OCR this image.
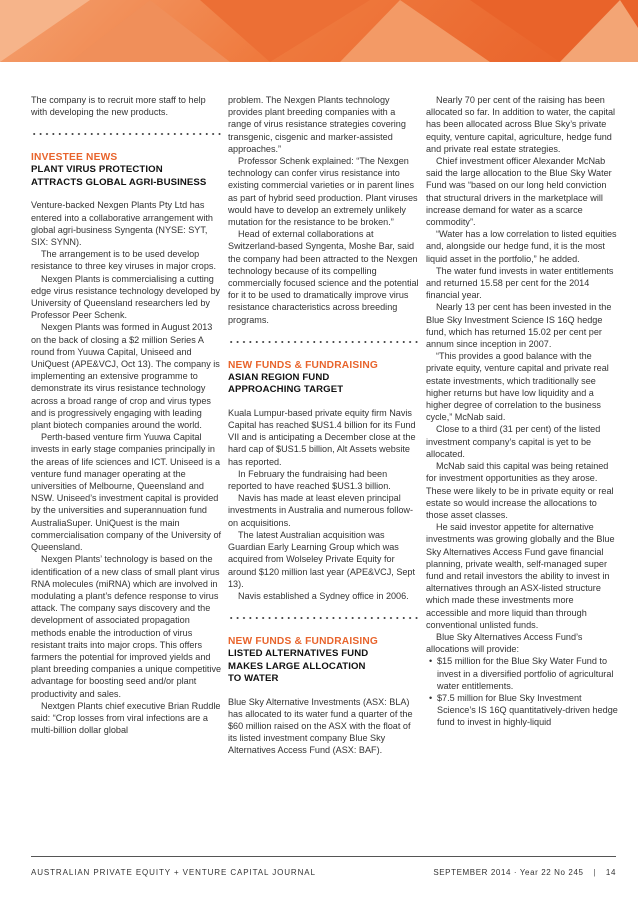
The company is to recruit more staff to help with developing the new products.

INVESTEE NEWS
PLANT VIRUS PROTECTION
ATTRACTS GLOBAL AGRI-BUSINESS

Venture-backed Nexgen Plants Pty Ltd has entered into a collaborative arrangement with global agri-business Syngenta (NYSE: SYT, SIX: SYNN).

The arrangement is to be used develop resistance to three key viruses in major crops.

Nexgen Plants is commercialising a cutting edge virus resistance technology developed by University of Queensland researchers led by Professor Peer Schenk.

Nexgen Plants was formed in August 2013 on the back of closing a $2 million Series A round from Yuuwa Capital, Uniseed and UniQuest (APE&VCJ, Oct 13). The company is implementing an extensive programme to demonstrate its virus resistance technology across a broad range of crop and virus types and is progressively engaging with leading plant biotech companies around the world.

Perth-based venture firm Yuuwa Capital invests in early stage companies principally in the areas of life sciences and ICT. Uniseed is a venture fund manager operating at the universities of Melbourne, Queensland and NSW. Uniseed’s investment capital is provided by the universities and superannuation fund AustraliaSuper. UniQuest is the main commercialisation company of the University of Queensland.

Nexgen Plants’ technology is based on the identification of a new class of small plant virus RNA molecules (miRNA) which are involved in modulating a plant’s defence response to virus attack. The company says discovery and the development of associated propagation methods enable the introduction of virus resistant traits into major crops. This offers farmers the potential for improved yields and plant breeding companies a unique competitive advantage for boosting seed and/or plant productivity and sales.

Nextgen Plants chief executive Brian Ruddle said: “Crop losses from viral infections are a multi-billion dollar global

problem. The Nexgen Plants technology provides plant breeding companies with a range of virus resistance strategies covering transgenic, cisgenic and marker-assisted approaches.”

Professor Schenk explained: “The Nexgen technology can confer virus resistance into existing commercial varieties or in parent lines as part of hybrid seed production. Plant viruses would have to develop an extremely unlikely mutation for the resistance to be broken.”

Head of external collaborations at Switzerland-based Syngenta, Moshe Bar, said the company had been attracted to the Nexgen technology because of its compelling commercially focused science and the potential for it to be used to dramatically improve virus resistance characteristics across breeding programs.

NEW FUNDS & FUNDRAISING
ASIAN REGION FUND
APPROACHING TARGET

Kuala Lumpur-based private equity firm Navis Capital has reached $US1.4 billion for its Fund VII and is anticipating a December close at the hard cap of $US1.5 billion, Alt Assets website has reported.

In February the fundraising had been reported to have reached $US1.3 billion.

Navis has made at least eleven principal investments in Australia and numerous follow-on acquisitions.

The latest Australian acquisition was Guardian Early Learning Group which was acquired from Wolseley Private Equity for around $120 million last year (APE&VCJ, Sept 13).

Navis established a Sydney office in 2006.

NEW FUNDS & FUNDRAISING
LISTED ALTERNATIVES FUND
MAKES LARGE ALLOCATION
TO WATER

Blue Sky Alternative Investments (ASX: BLA) has allocated to its water fund a quarter of the $60 million raised on the ASX with the float of its listed investment company Blue Sky Alternatives Access Fund (ASX: BAF).

Nearly 70 per cent of the raising has been allocated so far. In addition to water, the capital has been allocated across Blue Sky’s private equity, venture capital, agriculture, hedge fund and private real estate strategies.

Chief investment officer Alexander McNab said the large allocation to the Blue Sky Water Fund was “based on our long held conviction that structural drivers in the marketplace will increase demand for water as a scarce commodity”.

“Water has a low correlation to listed equities and, alongside our hedge fund, it is the most liquid asset in the portfolio,” he added.

The water fund invests in water entitlements and returned 15.58 per cent for the 2014 financial year.

Nearly 13 per cent has been invested in the Blue Sky Investment Science IS 16Q hedge fund, which has returned 15.02 per cent per annum since inception in 2007.

“This provides a good balance with the private equity, venture capital and private real estate investments, which traditionally see higher returns but have low liquidity and a higher degree of correlation to the business cycle,” McNab said.

Close to a third (31 per cent) of the listed investment company’s capital is yet to be allocated.

McNab said this capital was being retained for investment opportunities as they arose. These were likely to be in private equity or real estate so would increase the allocations to those asset classes.

He said investor appetite for alternative investments was growing globally and the Blue Sky Alternatives Access Fund gave financial planning, private wealth, self-managed super fund and retail investors the ability to invest in alternatives through an ASX-listed structure which made these investments more accessible and more liquid than through conventional unlisted funds.

Blue Sky Alternatives Access Fund’s allocations will provide:

• $15 million for the Blue Sky Water Fund to invest in a diversified portfolio of agricultural water entitlements.
• $7.5 million for Blue Sky Investment Science’s IS 16Q quantitatively-driven hedge fund to invest in highly-liquid
AUSTRALIAN PRIVATE EQUITY + VENTURE CAPITAL JOURNAL	SEPTEMBER 2014 · Year 22 No 245 | 14
